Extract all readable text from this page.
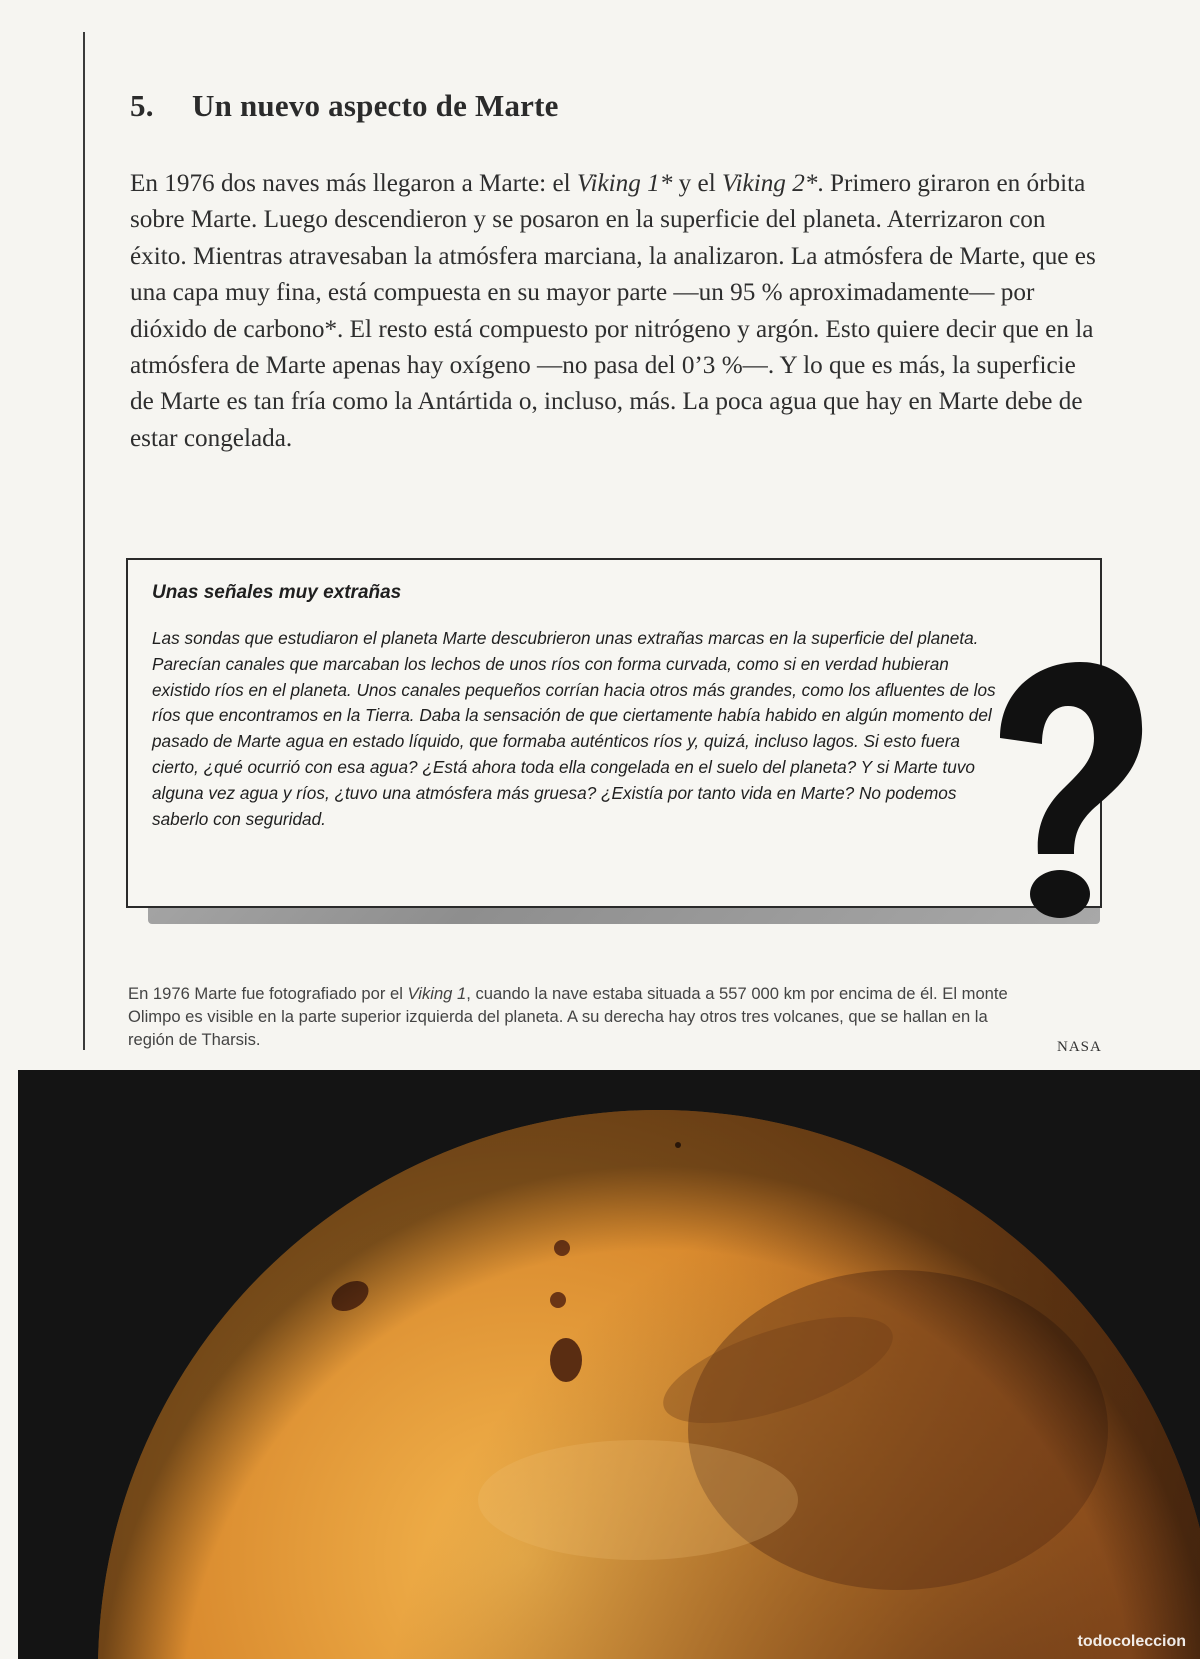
5. Un nuevo aspecto de Marte

En 1976 dos naves más llegaron a Marte: el Viking 1* y el Viking 2*. Primero giraron en órbita sobre Marte. Luego descendieron y se posaron en la superficie del planeta. Aterrizaron con éxito. Mientras atravesaban la atmósfera marciana, la analizaron. La atmósfera de Marte, que es una capa muy fina, está compuesta en su mayor parte —un 95 % aproximadamente— por dióxido de carbono*. El resto está compuesto por nitrógeno y argón. Esto quiere decir que en la atmósfera de Marte apenas hay oxígeno —no pasa del 0’3 %—. Y lo que es más, la superficie de Marte es tan fría como la Antártida o, incluso, más. La poca agua que hay en Marte debe de estar congelada.

Unas señales muy extrañas

Las sondas que estudiaron el planeta Marte descubrieron unas extrañas marcas en la superficie del planeta. Parecían canales que marcaban los lechos de unos ríos con forma curvada, como si en verdad hubieran existido ríos en el planeta. Unos canales pequeños corrían hacia otros más grandes, como los afluentes de los ríos que encontramos en la Tierra. Daba la sensación de que ciertamente había habido en algún momento del pasado de Marte agua en estado líquido, que formaba auténticos ríos y, quizá, incluso lagos. Si esto fuera cierto, ¿qué ocurrió con esa agua? ¿Está ahora toda ella congelada en el suelo del planeta? Y si Marte tuvo alguna vez agua y ríos, ¿tuvo una atmósfera más gruesa? ¿Existía por tanto vida en Marte? No podemos saberlo con seguridad.

En 1976 Marte fue fotografiado por el Viking 1, cuando la nave estaba situada a 557 000 km por encima de él. El monte Olimpo es visible en la parte superior izquierda del planeta. A su derecha hay otros tres volcanes, que se hallan en la región de Tharsis.	NASA
todocoleccion
